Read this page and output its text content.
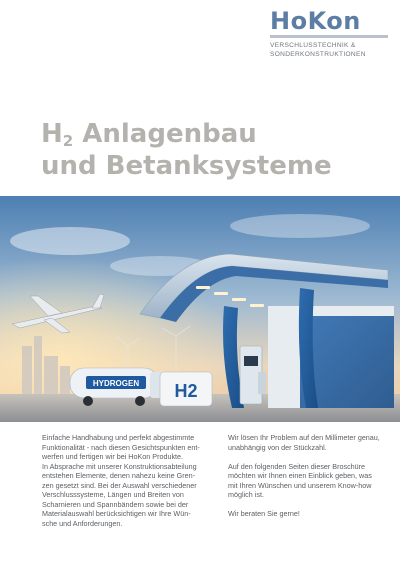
HoKon
VERSCHLUSSTECHNIK &
SONDERKONSTRUKTIONEN
$H_2$ Anlagenbau
und Betanksysteme
HYDROGEN H2

Einfache Handhabung und perfekt abgestimmte
Funktionalität - nach diesen Gesichtspunkten ent-
werfen und fertigen wir bei HoKon Produkte.
In Absprache mit unserer Konstruktionsabteilung
entstehen Elemente, denen nahezu keine Gren-
zen gesetzt sind. Bei der Auswahl verschiedener
Verschlusssysteme, Längen und Breiten von
Scharnieren und Spannbändern sowie bei der
Materialauswahl berücksichtigen wir Ihre Wün-
sche und Anforderungen.

Wir lösen Ihr Problem auf den Millimeter genau,
unabhängig von der Stückzahl.

Auf den folgenden Seiten dieser Broschüre
möchten wir Ihnen einen Einblick geben, was
mit Ihren Wünschen und unserem Know-how
möglich ist.

Wir beraten Sie gerne!
